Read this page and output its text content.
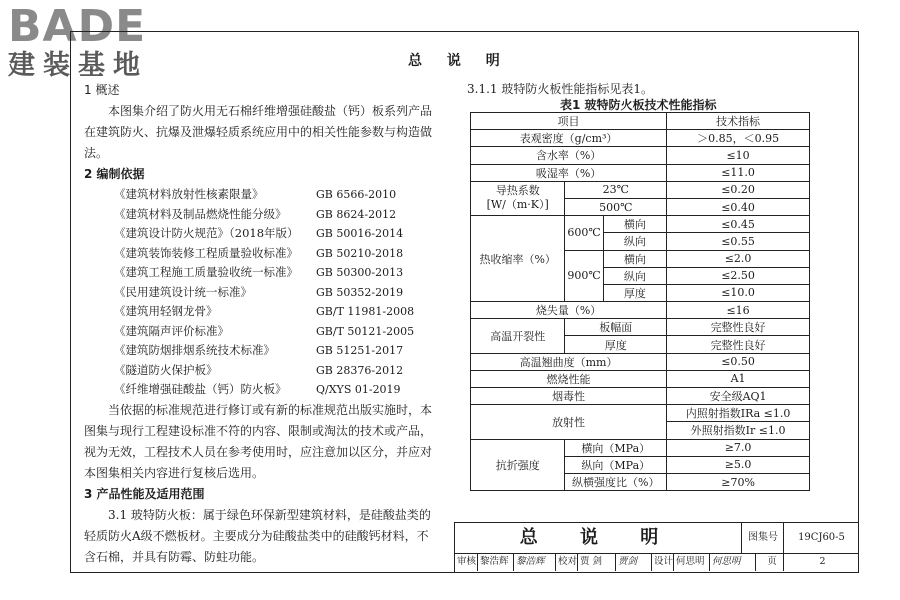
BADE
建装基地	总 说 明

1 概述

本图集介绍了防火用无石棉纤维增强硅酸盐（钙）板系列产品在建筑防火、抗爆及泄爆轻质系统应用中的相关性能参数与构造做法。

2 编制依据

《建筑材料放射性核素限量》	GB 6566-2010
《建筑材料及制品燃烧性能分级》	GB 8624-2012
《建筑设计防火规范》（2018年版） GB 50016-2014
《建筑装饰装修工程质量验收标准》 GB 50210-2018
《建筑工程施工质量验收统一标准》 GB 50300-2013
《民用建筑设计统一标准》	GB 50352-2019
《建筑用轻钢龙骨》	GB/T 11981-2008
《建筑隔声评价标准》	GB/T 50121-2005
《建筑防烟排烟系统技术标准》	GB 51251-2017
《隧道防火保护板》	GB 28376-2012
《纤维增强硅酸盐（钙）防火板》	Q/XYS 01-2019

当依据的标准规范进行修订或有新的标准规范出版实施时，本图集与现行工程建设标准不符的内容、限制或淘汰的技术或产品，视为无效，工程技术人员在参考使用时，应注意加以区分，并应对本图集相关内容进行复核后选用。

3 产品性能及适用范围

3.1 玻特防火板：属于绿色环保新型建筑材料，是硅酸盐类的轻质防火A级不燃板材。主要成分为硅酸盐类中的硅酸钙材料，不含石棉，并具有防霉、防蛀功能。

3.1.1 玻特防火板性能指标见表1。
表1 玻特防火板技术性能指标
项目			技术指标
表观密度（g/cm³）			＞0.85，＜0.95
含水率（%）			≤10
吸湿率（%）			≤11.0
导热系数
[W/（m·K）]	23℃		≤0.20
	500℃		≤0.40
热收缩率（%）	600℃	横向	≤0.45
		纵向	≤0.55
	900℃	横向	≤2.0
		纵向	≤2.50
		厚度	≤10.0
烧失量（%）			≤16
高温开裂性	板幅面		完整性良好
	厚度		完整性良好
高温翘曲度（mm）			≤0.50
燃烧性能			A1
烟毒性			安全级AQ1
放射性			内照射指数IRa ≤1.0
			外照射指数Ir ≤1.0
抗折强度	横向（MPa）		≥7.0
	纵向（MPa）		≥5.0
	纵横强度比（%）		≥70%
总 说 明	图集号	19CJ60-5
审核 黎浩辉 黎浩辉	校对 贾 剑	贾剑	设计 何思明 何思明	页	2
